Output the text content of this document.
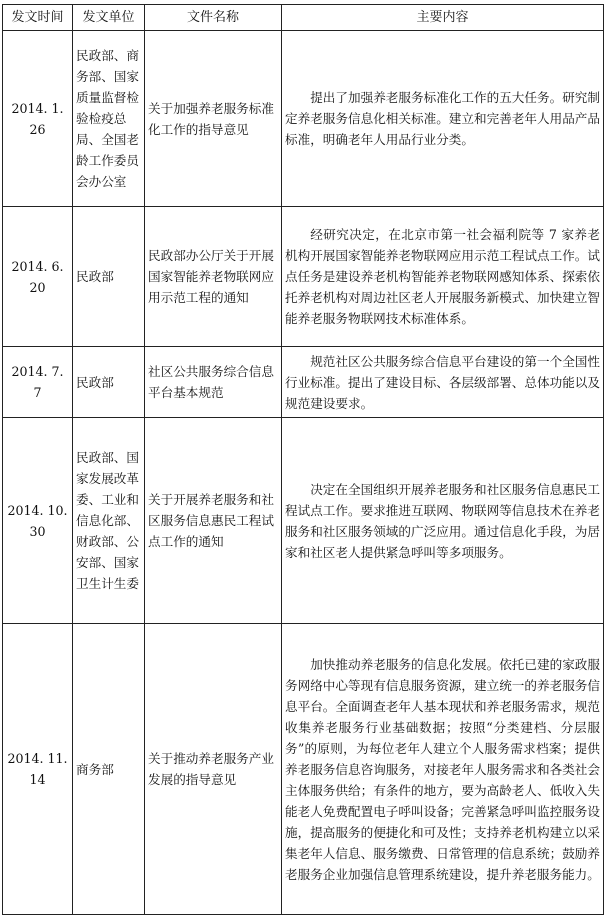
发文时间	发文单位	文件名称	主要内容
2014. 1. 26	民政部、商务部、国家质量监督检验检疫总局、全国老龄工作委员会办公室	关于加强养老服务标准化工作的指导意见	提出了加强养老服务标准化工作的五大任务。研究制定养老服务信息化相关标准。建立和完善老年人用品产品标准，明确老年人用品行业分类。

2014. 6. 20	民政部	民政部办公厅关于开展国家智能养老物联网应用示范工程的通知	经研究决定，在北京市第一社会福利院等 7 家养老机构开展国家智能养老物联网应用示范工程试点工作。试点任务是建设养老机构智能养老物联网感知体系、探索依托养老机构对周边社区老人开展服务新模式、加快建立智能养老服务物联网技术标准体系。

2014. 7. 7	民政部	社区公共服务综合信息平台基本规范	规范社区公共服务综合信息平台建设的第一个全国性行业标准。提出了建设目标、各层级部署、总体功能以及规范建设要求。

2014. 10. 30	民政部、国家发展改革委、工业和信息化部、财政部、公安部、国家卫生计生委	关于开展养老服务和社区服务信息惠民工程试点工作的通知	决定在全国组织开展养老服务和社区服务信息惠民工程试点工作。要求推进互联网、物联网等信息技术在养老服务和社区服务领域的广泛应用。通过信息化手段，为居家和社区老人提供紧急呼叫等多项服务。

2014. 11. 14	商务部	关于推动养老服务产业发展的指导意见	加快推动养老服务的信息化发展。依托已建的家政服务网络中心等现有信息服务资源，建立统一的养老服务信息平台。全面调查老年人基本现状和养老服务需求，规范收集养老服务行业基础数据；按照“分类建档、分层服务”的原则，为每位老年人建立个人服务需求档案；提供养老服务信息咨询服务，对接老年人服务需求和各类社会主体服务供给；有条件的地方，要为高龄老人、低收入失能老人免费配置电子呼叫设备；完善紧急呼叫监控服务设施，提高服务的便捷化和可及性；支持养老机构建立以采集老年人信息、服务缴费、日常管理的信息系统；鼓励养老服务企业加强信息管理系统建设，提升养老服务能力。
